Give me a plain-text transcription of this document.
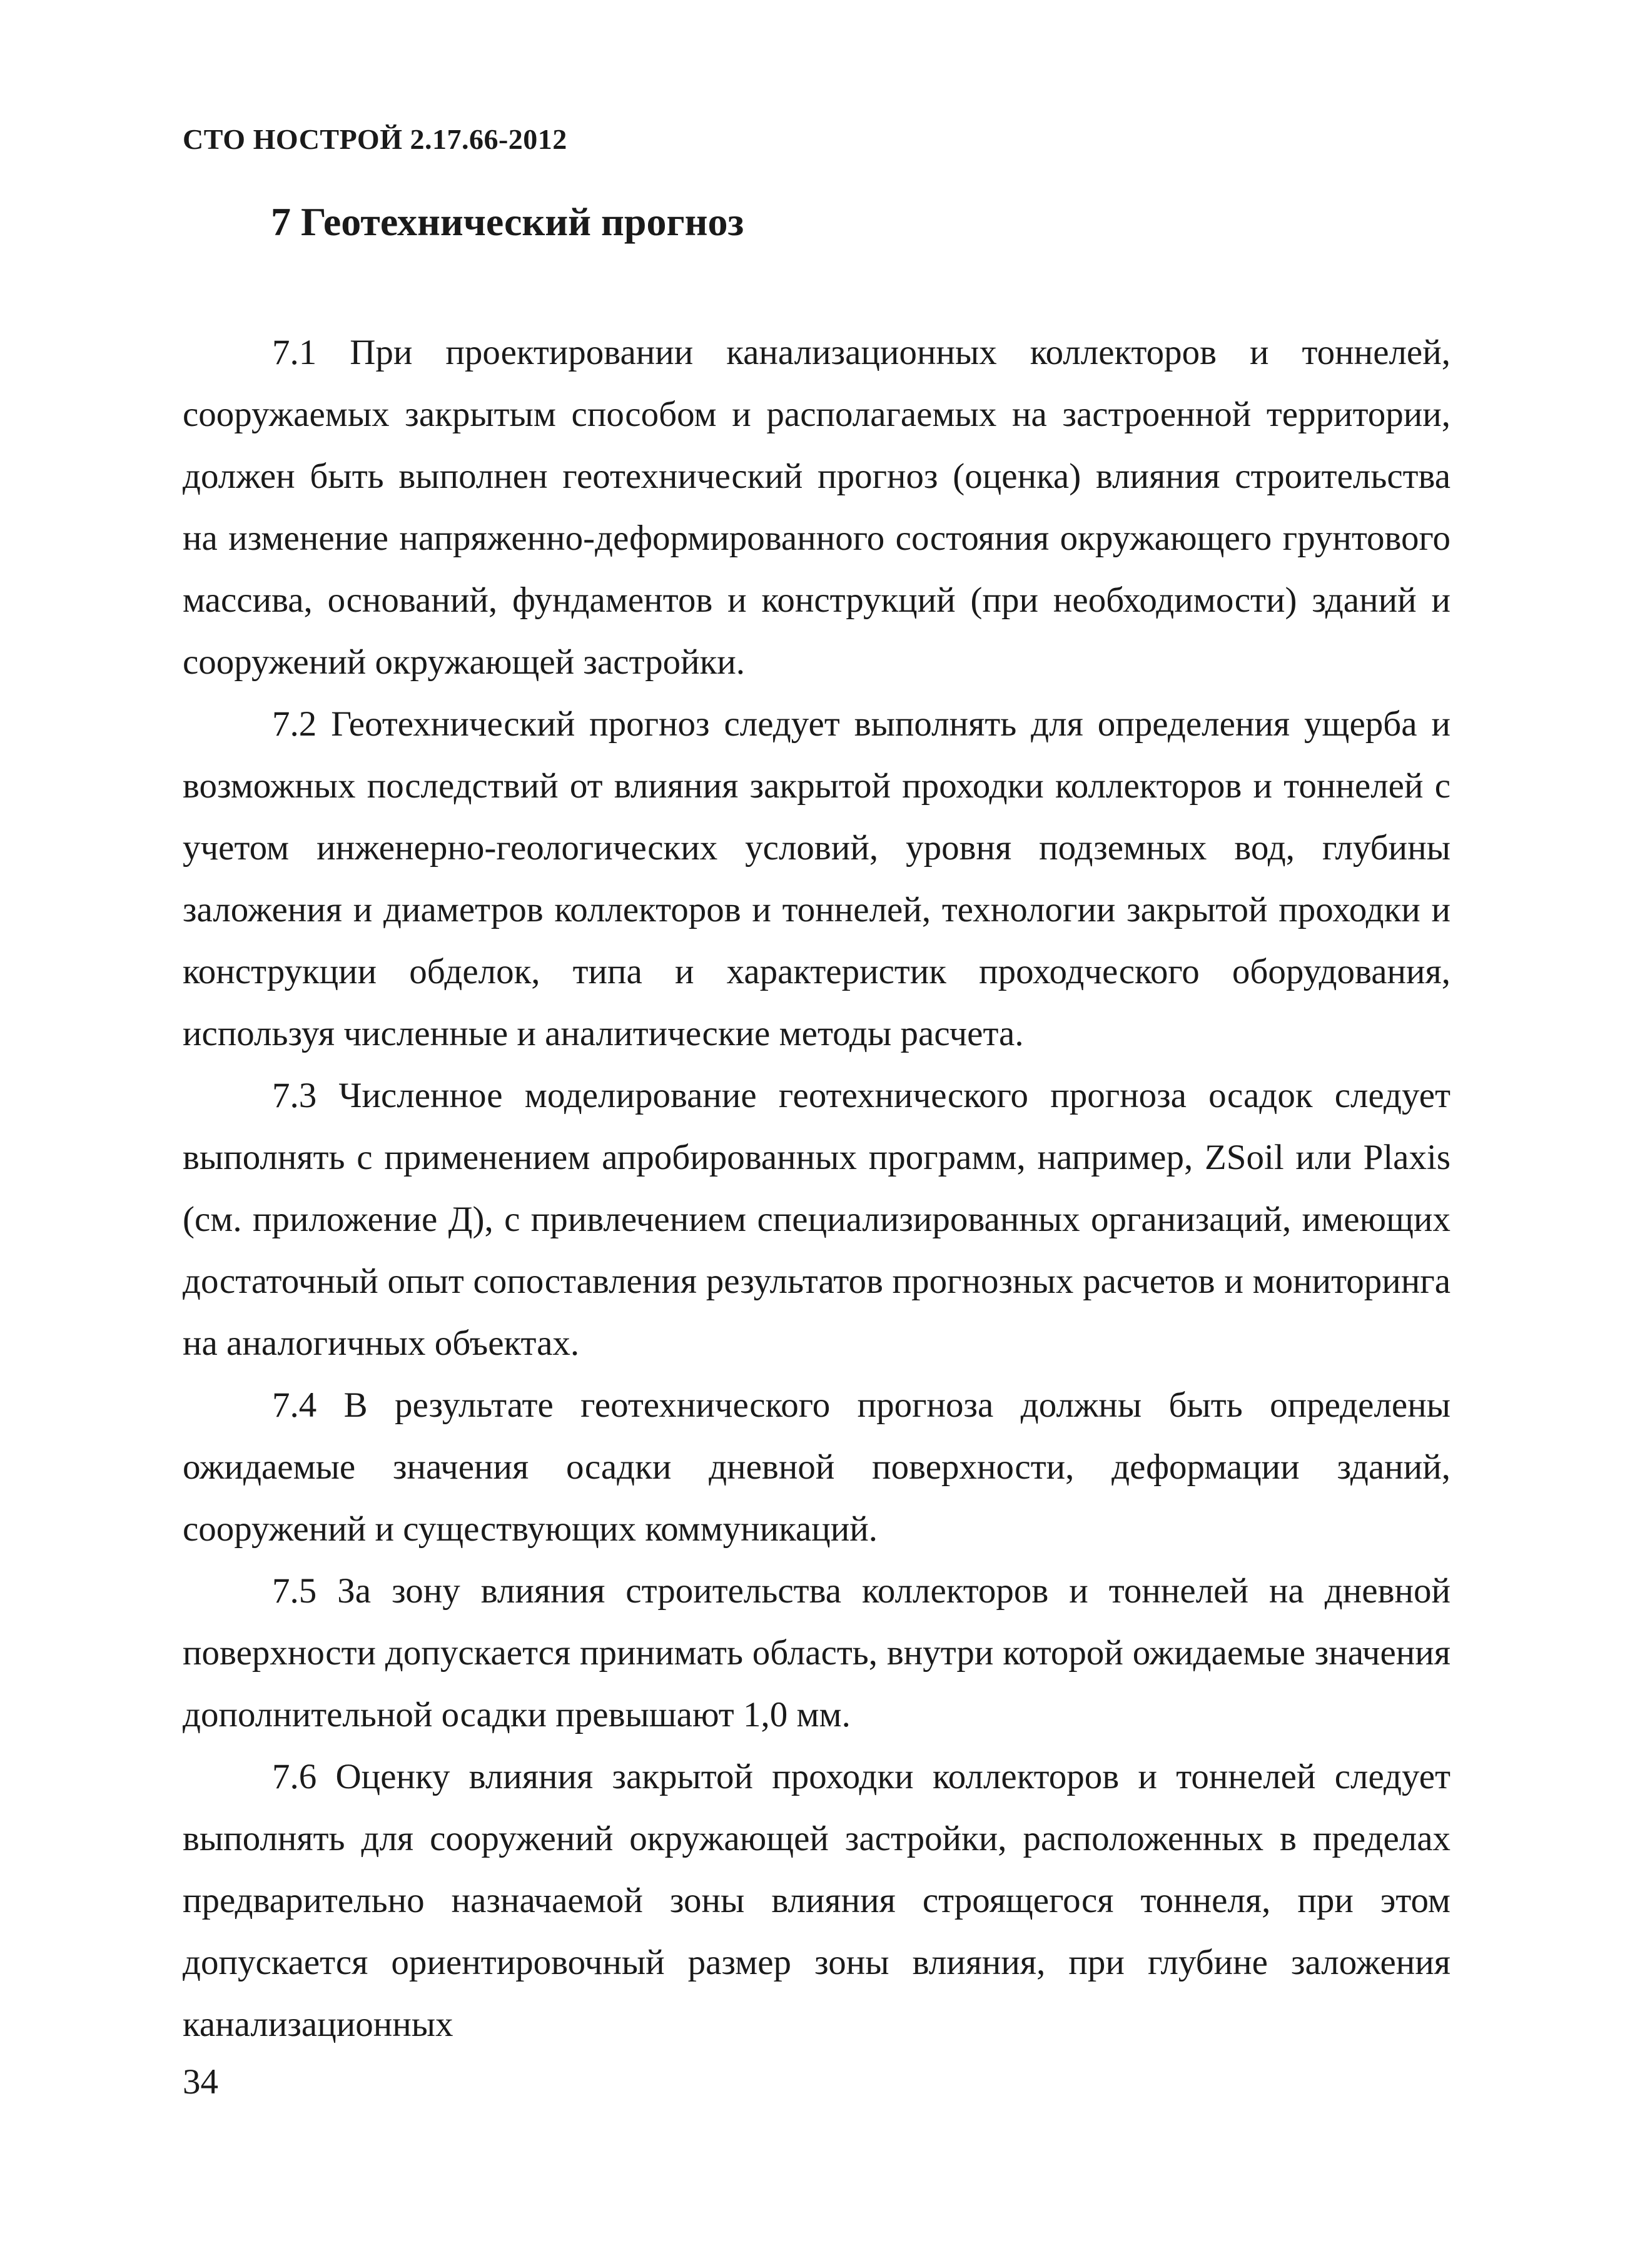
СТО НОСТРОЙ 2.17.66-2012
7 Геотехнический прогноз

7.1 При проектировании канализационных коллекторов и тоннелей, сооружаемых закрытым способом и располагаемых на застроенной территории, должен быть выполнен геотехнический прогноз (оценка) влияния строительства на изменение напряженно-деформированного состояния окружающего грунтового массива, оснований, фундаментов и конструкций (при необходимости) зданий и сооружений окружающей застройки.

7.2 Геотехнический прогноз следует выполнять для определения ущерба и возможных последствий от влияния закрытой проходки коллекторов и тоннелей с учетом инженерно-геологических условий, уровня подземных вод, глубины заложения и диаметров коллекторов и тоннелей, технологии закрытой проходки и конструкции обделок, типа и характеристик проходческого оборудования, используя численные и аналитические методы расчета.

7.3 Численное моделирование геотехнического прогноза осадок следует выполнять с применением апробированных программ, например, ZSoil или Plaxis (см. приложение Д), с привлечением специализированных организаций, имеющих достаточный опыт сопоставления результатов прогнозных расчетов и мониторинга на аналогичных объектах.

7.4 В результате геотехнического прогноза должны быть определены ожидаемые значения осадки дневной поверхности, деформации зданий, сооружений и существующих коммуникаций.

7.5 За зону влияния строительства коллекторов и тоннелей на дневной поверхности допускается принимать область, внутри которой ожидаемые значения дополнительной осадки превышают 1,0 мм.

7.6 Оценку влияния закрытой проходки коллекторов и тоннелей следует выполнять для сооружений окружающей застройки, расположенных в пределах предварительно назначаемой зоны влияния строящегося тоннеля, при этом допускается ориентировочный размер зоны влияния, при глубине заложения канализационных

34
